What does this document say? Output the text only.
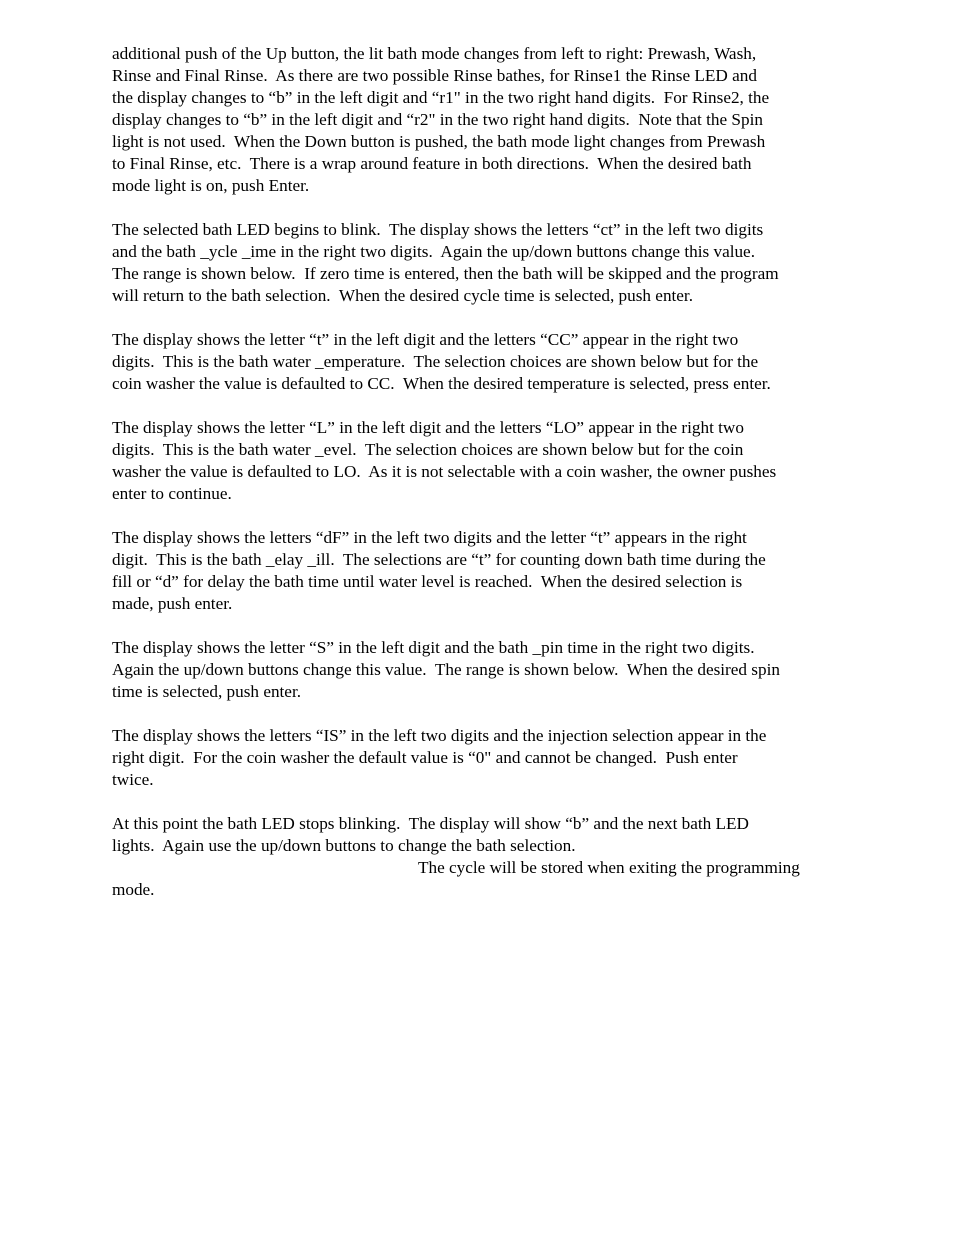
additional push of the Up button, the lit bath mode changes from left to right: Prewash, Wash,
Rinse and Final Rinse.  As there are two possible Rinse bathes, for Rinse1 the Rinse LED and
the display changes to “b” in the left digit and “r1" in the two right hand digits.  For Rinse2, the
display changes to “b” in the left digit and “r2" in the two right hand digits.  Note that the Spin
light is not used.  When the Down button is pushed, the bath mode light changes from Prewash
to Final Rinse, etc.  There is a wrap around feature in both directions.  When the desired bath
mode light is on, push Enter.
The selected bath LED begins to blink.  The display shows the letters “ct” in the left two digits
and the bath _ycle _ime in the right two digits.  Again the up/down buttons change this value.
The range is shown below.  If zero time is entered, then the bath will be skipped and the program
will return to the bath selection.  When the desired cycle time is selected, push enter.
The display shows the letter “t” in the left digit and the letters “CC” appear in the right two
digits.  This is the bath water _emperature.  The selection choices are shown below but for the
coin washer the value is defaulted to CC.  When the desired temperature is selected, press enter.
The display shows the letter “L” in the left digit and the letters “LO” appear in the right two
digits.  This is the bath water _evel.  The selection choices are shown below but for the coin
washer the value is defaulted to LO.  As it is not selectable with a coin washer, the owner pushes
enter to continue.
The display shows the letters “dF” in the left two digits and the letter “t” appears in the right
digit.  This is the bath _elay _ill.  The selections are “t” for counting down bath time during the
fill or “d” for delay the bath time until water level is reached.  When the desired selection is
made, push enter.
The display shows the letter “S” in the left digit and the bath _pin time in the right two digits.
Again the up/down buttons change this value.  The range is shown below.  When the desired spin
time is selected, push enter.
The display shows the letters “IS” in the left two digits and the injection selection appear in the
right digit.  For the coin washer the default value is “0" and cannot be changed.  Push enter
twice.
At this point the bath LED stops blinking.  The display will show “b” and the next bath LED
lights.  Again use the up/down buttons to change the bath selection.
The cycle will be stored when exiting the programming
mode.
